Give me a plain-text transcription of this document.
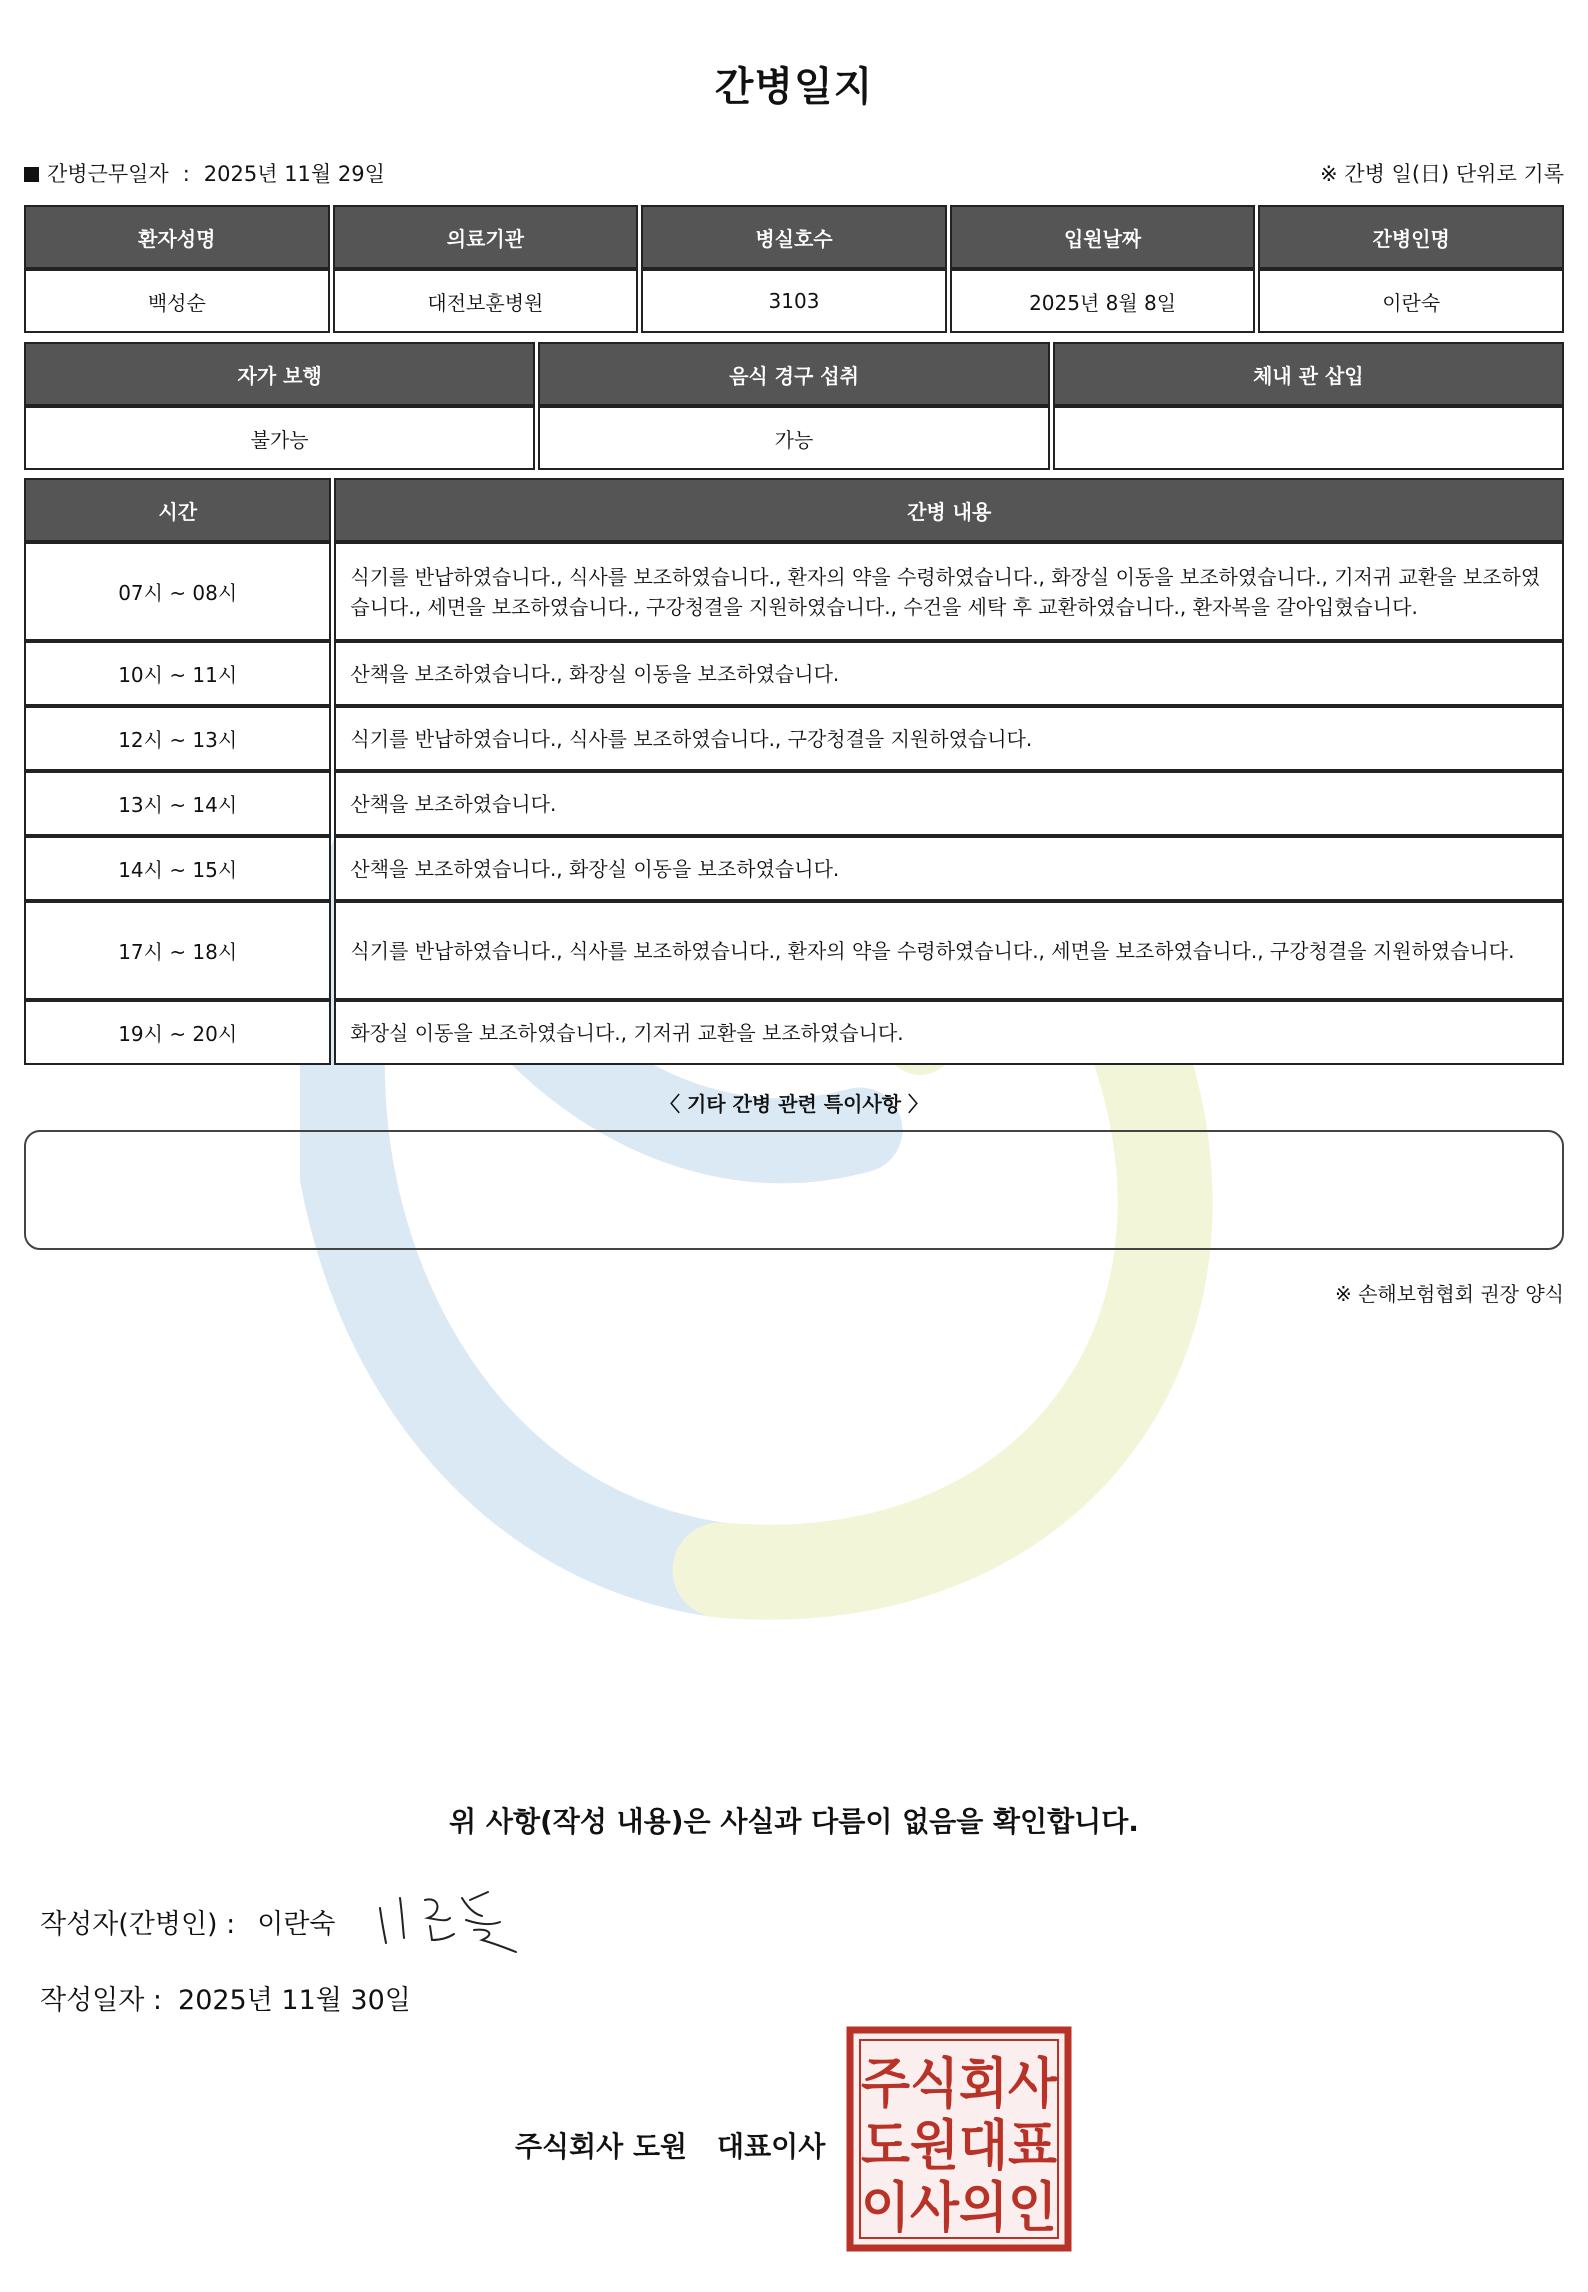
간병일지
간병근무일자 : 2025년 11월 29일	※ 간병 일(日) 단위로 기록
환자성명	의료기관	병실호수	입원날짜	간병인명
백성순	대전보훈병원	3103	2025년 8월 8일	이란숙
자가 보행	음식 경구 섭취	체내 관 삽입
불가능	가능	
시간	간병 내용
07시 ~ 08시	식기를 반납하였습니다., 식사를 보조하였습니다., 환자의 약을 수령하였습니다., 화장실 이동을 보조하였습니다., 기저귀 교환을 보조하였습니다., 세면을 보조하였습니다., 구강청결을 지원하였습니다., 수건을 세탁 후 교환하였습니다., 환자복을 갈아입혔습니다.
10시 ~ 11시	산책을 보조하였습니다., 화장실 이동을 보조하였습니다.
12시 ~ 13시	식기를 반납하였습니다., 식사를 보조하였습니다., 구강청결을 지원하였습니다.
13시 ~ 14시	산책을 보조하였습니다.
14시 ~ 15시	산책을 보조하였습니다., 화장실 이동을 보조하였습니다.
17시 ~ 18시	식기를 반납하였습니다., 식사를 보조하였습니다., 환자의 약을 수령하였습니다., 세면을 보조하였습니다., 구강청결을 지원하였습니다.
19시 ~ 20시	화장실 이동을 보조하였습니다., 기저귀 교환을 보조하였습니다.
〈 기타 간병 관련 특이사항 〉
※ 손해보험협회 권장 양식
위 사항(작성 내용)은 사실과 다름이 없음을 확인합니다.
작성자(간병인) : 이란숙
작성일자 : 2025년 11월 30일
주식회사 도원 대표이사
주식회사
도원대표
이사의인
